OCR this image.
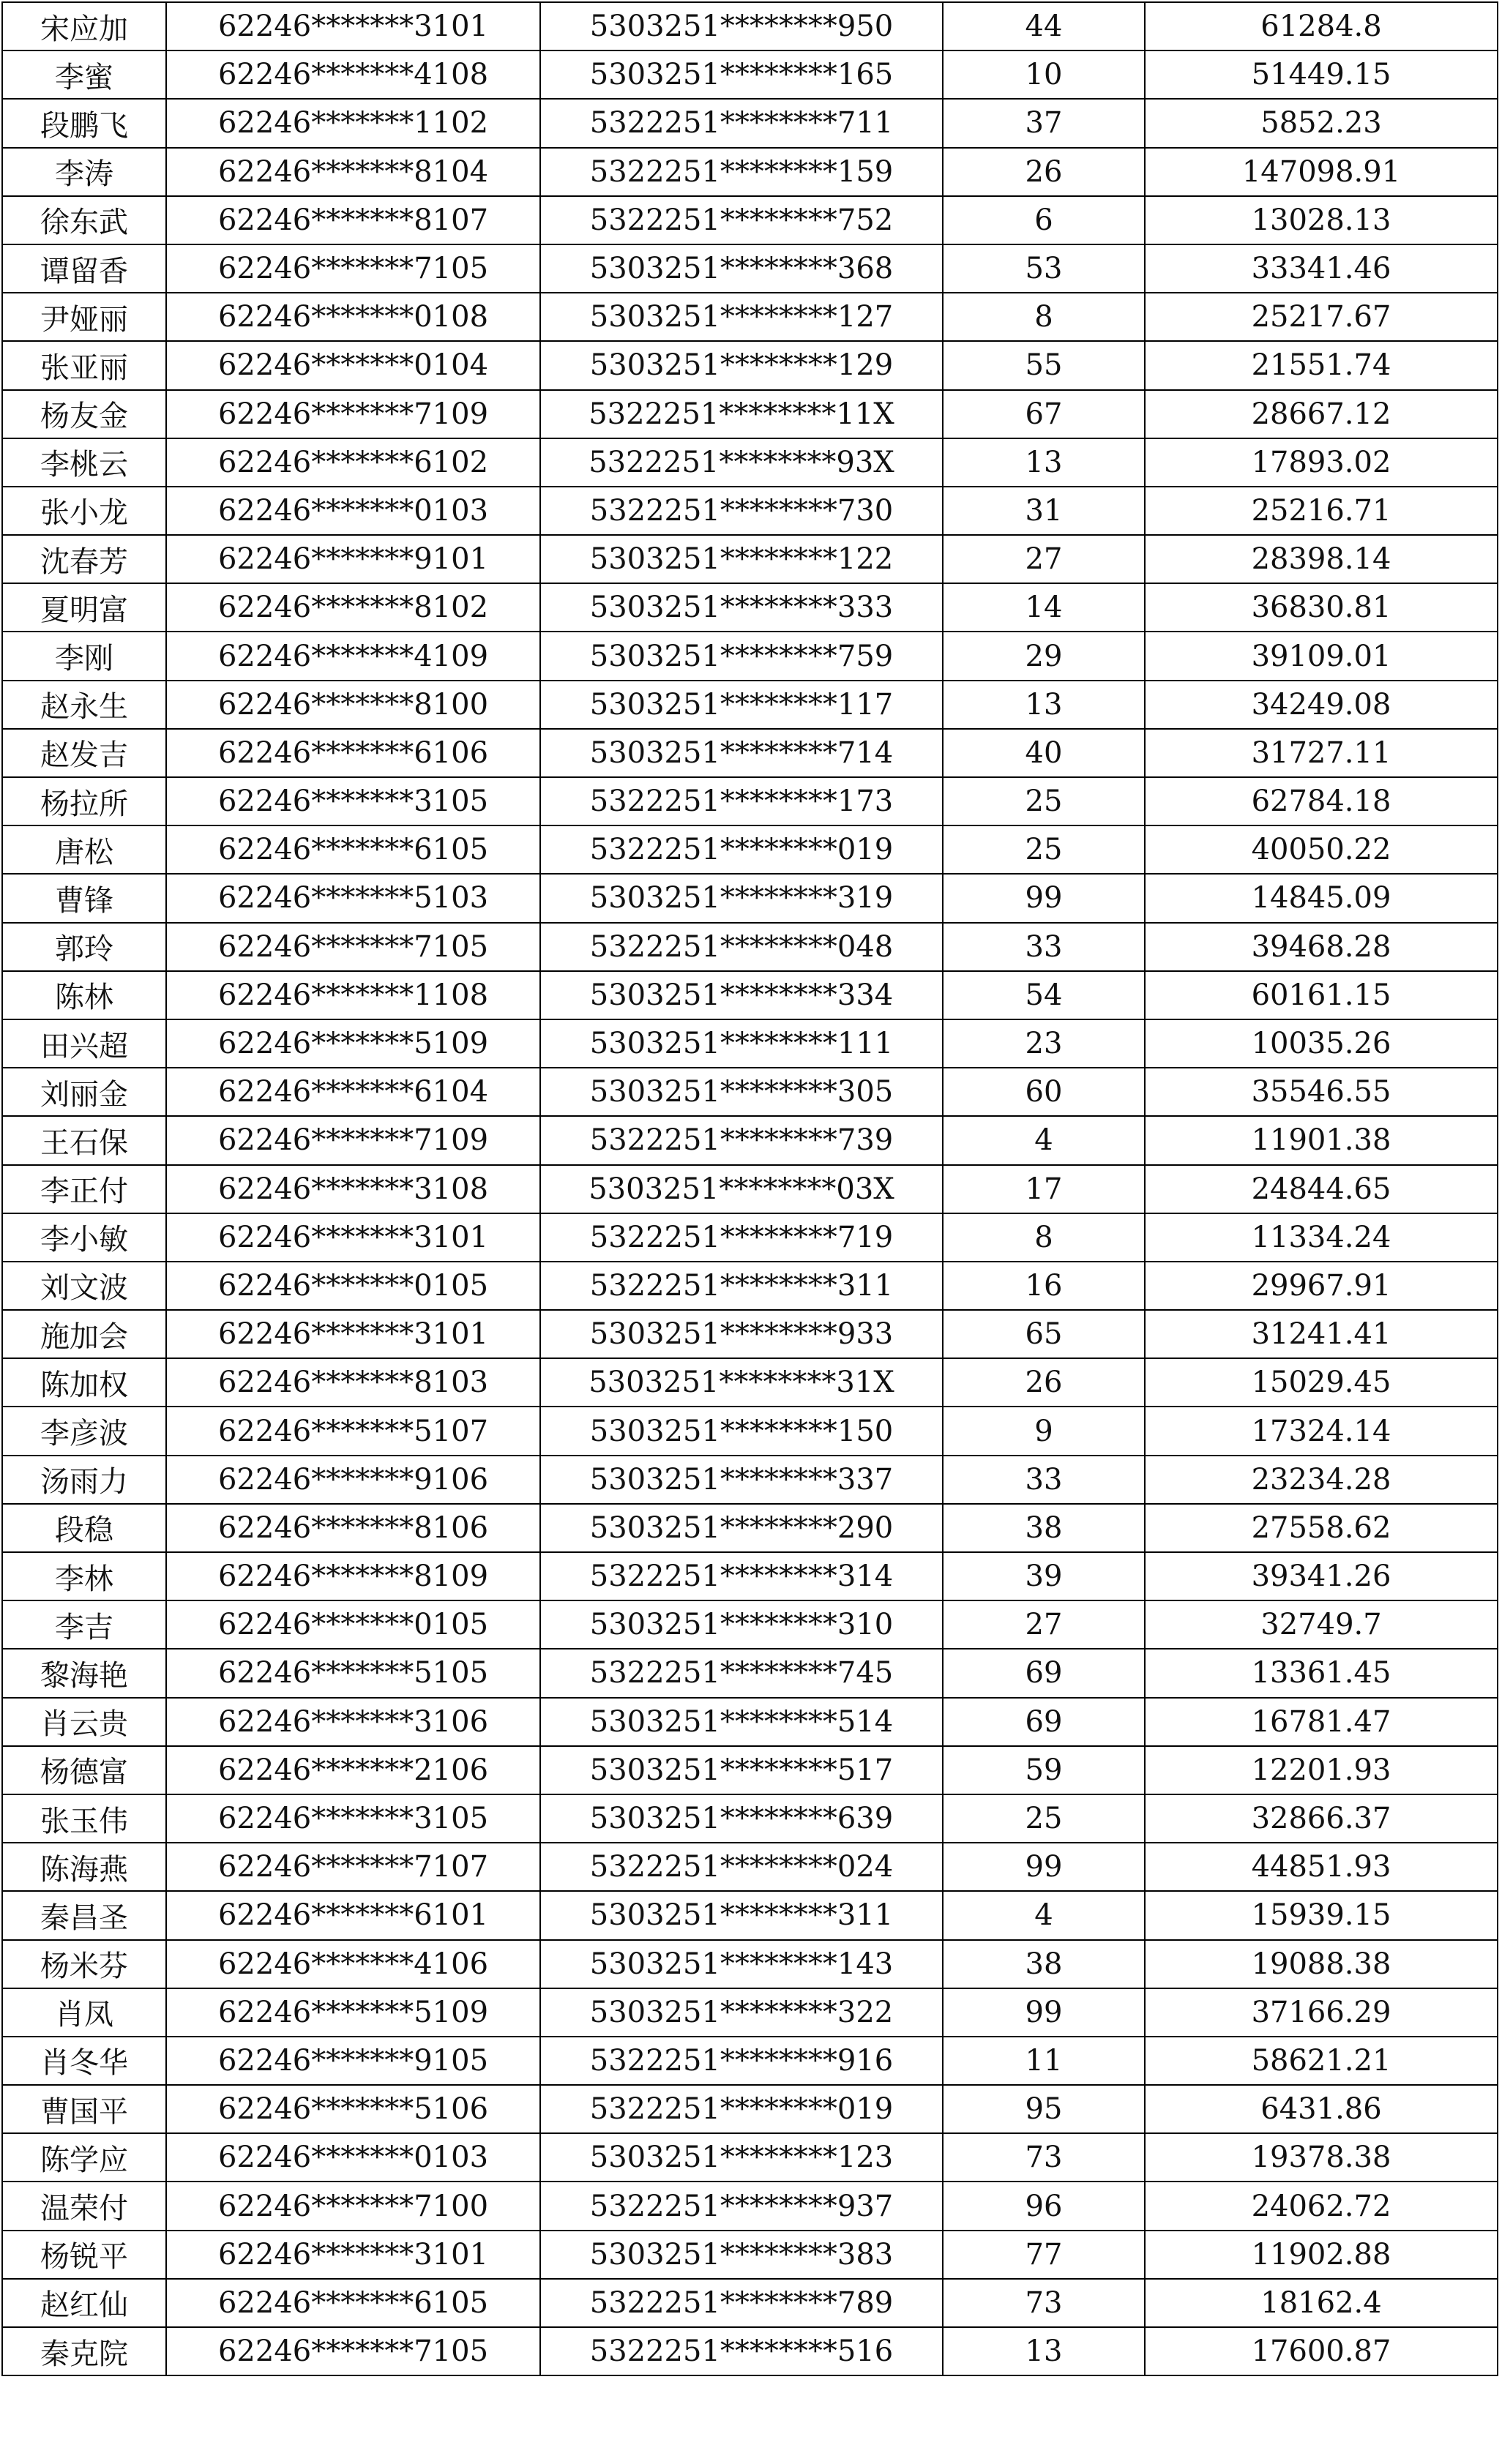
宋应加	62246*******3101	5303251********950	44	61284.8
李蜜	62246*******4108	5303251********165	10	51449.15
段鹏飞	62246*******1102	5322251********711	37	5852.23
李涛	62246*******8104	5322251********159	26	147098.91
徐东武	62246*******8107	5322251********752	6	13028.13
谭留香	62246*******7105	5303251********368	53	33341.46
尹娅丽	62246*******0108	5303251********127	8	25217.67
张亚丽	62246*******0104	5303251********129	55	21551.74
杨友金	62246*******7109	5322251********11X	67	28667.12
李桃云	62246*******6102	5322251********93X	13	17893.02
张小龙	62246*******0103	5322251********730	31	25216.71
沈春芳	62246*******9101	5303251********122	27	28398.14
夏明富	62246*******8102	5303251********333	14	36830.81
李刚	62246*******4109	5303251********759	29	39109.01
赵永生	62246*******8100	5303251********117	13	34249.08
赵发吉	62246*******6106	5303251********714	40	31727.11
杨拉所	62246*******3105	5322251********173	25	62784.18
唐松	62246*******6105	5322251********019	25	40050.22
曹锋	62246*******5103	5303251********319	99	14845.09
郭玲	62246*******7105	5322251********048	33	39468.28
陈林	62246*******1108	5303251********334	54	60161.15
田兴超	62246*******5109	5303251********111	23	10035.26
刘丽金	62246*******6104	5303251********305	60	35546.55
王石保	62246*******7109	5322251********739	4	11901.38
李正付	62246*******3108	5303251********03X	17	24844.65
李小敏	62246*******3101	5322251********719	8	11334.24
刘文波	62246*******0105	5322251********311	16	29967.91
施加会	62246*******3101	5303251********933	65	31241.41
陈加权	62246*******8103	5303251********31X	26	15029.45
李彦波	62246*******5107	5303251********150	9	17324.14
汤雨力	62246*******9106	5303251********337	33	23234.28
段稳	62246*******8106	5303251********290	38	27558.62
李林	62246*******8109	5322251********314	39	39341.26
李吉	62246*******0105	5303251********310	27	32749.7
黎海艳	62246*******5105	5322251********745	69	13361.45
肖云贵	62246*******3106	5303251********514	69	16781.47
杨德富	62246*******2106	5303251********517	59	12201.93
张玉伟	62246*******3105	5303251********639	25	32866.37
陈海燕	62246*******7107	5322251********024	99	44851.93
秦昌圣	62246*******6101	5303251********311	4	15939.15
杨米芬	62246*******4106	5303251********143	38	19088.38
肖凤	62246*******5109	5303251********322	99	37166.29
肖冬华	62246*******9105	5322251********916	11	58621.21
曹国平	62246*******5106	5322251********019	95	6431.86
陈学应	62246*******0103	5303251********123	73	19378.38
温荣付	62246*******7100	5322251********937	96	24062.72
杨锐平	62246*******3101	5303251********383	77	11902.88
赵红仙	62246*******6105	5322251********789	73	18162.4
秦克院	62246*******7105	5322251********516	13	17600.87
